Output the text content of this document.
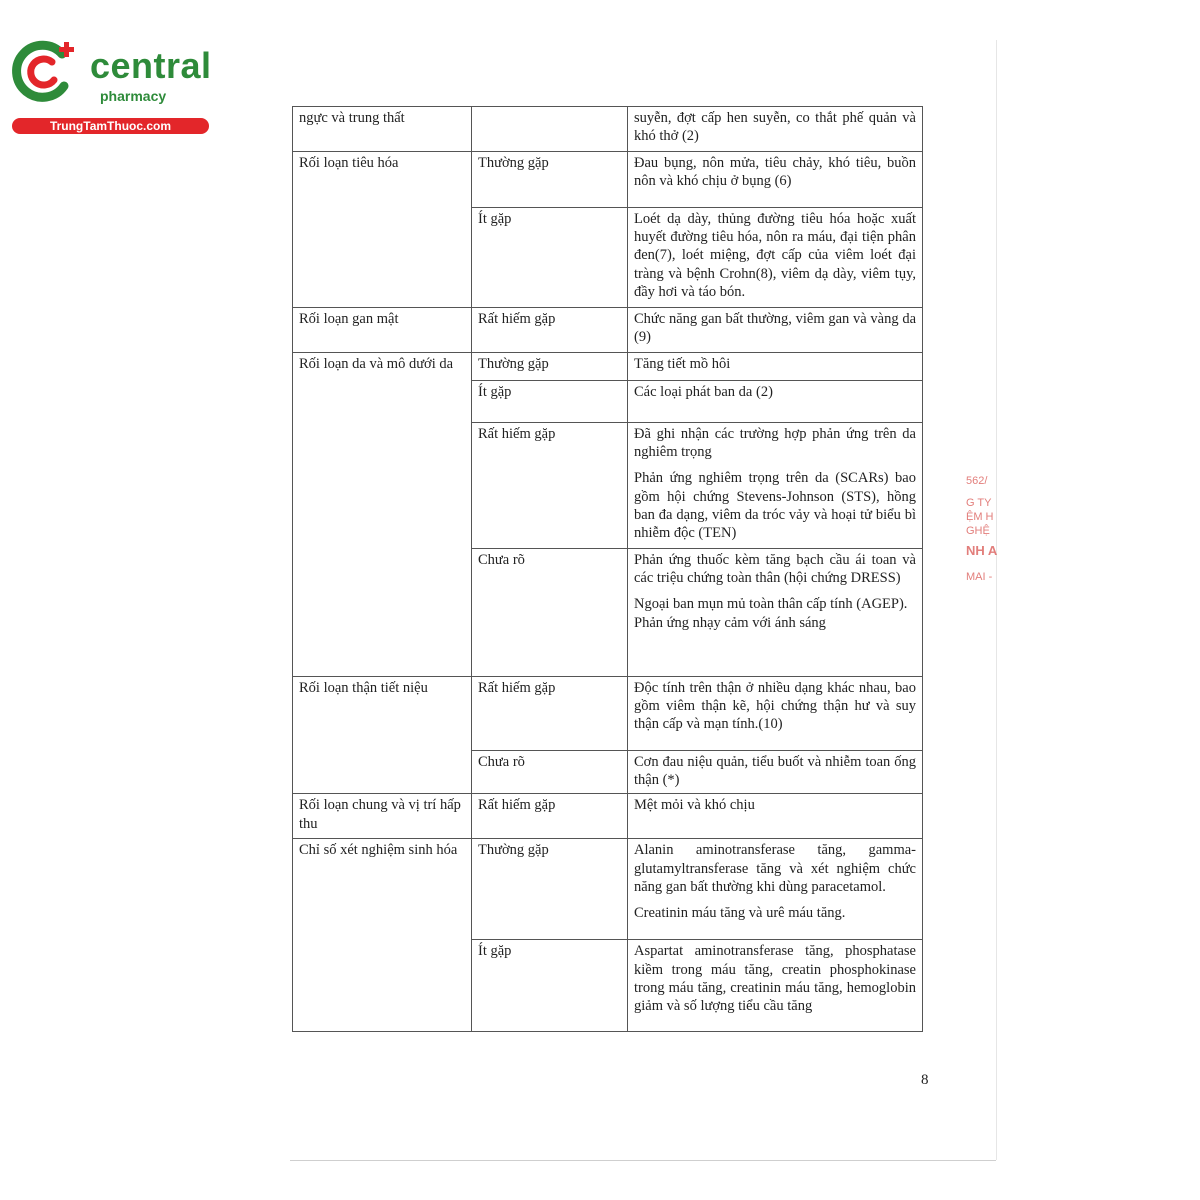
central
pharmacy
TrungTamThuoc.com	ngực và trung thất		suyễn, đợt cấp hen suyễn, co thắt phế quản và khó thở (2)

Rối loạn tiêu hóa	Thường gặp	Đau bụng, nôn mửa, tiêu chảy, khó tiêu, buồn nôn và khó chịu ở bụng (6)

	Ít gặp	Loét dạ dày, thủng đường tiêu hóa hoặc xuất huyết đường tiêu hóa, nôn ra máu, đại tiện phân đen(7), loét miệng, đợt cấp của viêm loét đại tràng và bệnh Crohn(8), viêm dạ dày, viêm tụy, đầy hơi và táo bón.

Rối loạn gan mật	Rất hiếm gặp	Chức năng gan bất thường, viêm gan và vàng da (9)

Rối loạn da và mô dưới da	Thường gặp	Tăng tiết mồ hôi

	Ít gặp	Các loại phát ban da (2)

	Rất hiếm gặp	Đã ghi nhận các trường hợp phản ứng trên da nghiêm trọng

Phản ứng nghiêm trọng trên da (SCARs) bao gồm hội chứng Stevens-Johnson (STS), hồng ban đa dạng, viêm da tróc vảy và hoại tử biểu bì nhiễm độc (TEN)

	Chưa rõ	Phản ứng thuốc kèm tăng bạch cầu ái toan và các triệu chứng toàn thân (hội chứng DRESS)

Ngoại ban mụn mủ toàn thân cấp tính (AGEP).

Phản ứng nhạy cảm với ánh sáng

Rối loạn thận tiết niệu	Rất hiếm gặp	Độc tính trên thận ở nhiều dạng khác nhau, bao gồm viêm thận kẽ, hội chứng thận hư và suy thận cấp và mạn tính.(10)

	Chưa rõ	Cơn đau niệu quản, tiểu buốt và nhiễm toan ống thận (*)

Rối loạn chung và vị trí hấp thu	Rất hiếm gặp	Mệt mỏi và khó chịu

Chỉ số xét nghiệm sinh hóa	Thường gặp	Alanin aminotransferase tăng, gamma-glutamyltransferase tăng và xét nghiệm chức năng gan bất thường khi dùng paracetamol.

Creatinin máu tăng và urê máu tăng.

	Ít gặp	Aspartat aminotransferase tăng, phosphatase kiềm trong máu tăng, creatin phosphokinase trong máu tăng, creatinin máu tăng, hemoglobin giảm và số lượng tiểu cầu tăng

562/
G TY
ỆM H
GHỆ
NH A
MAI -
8
